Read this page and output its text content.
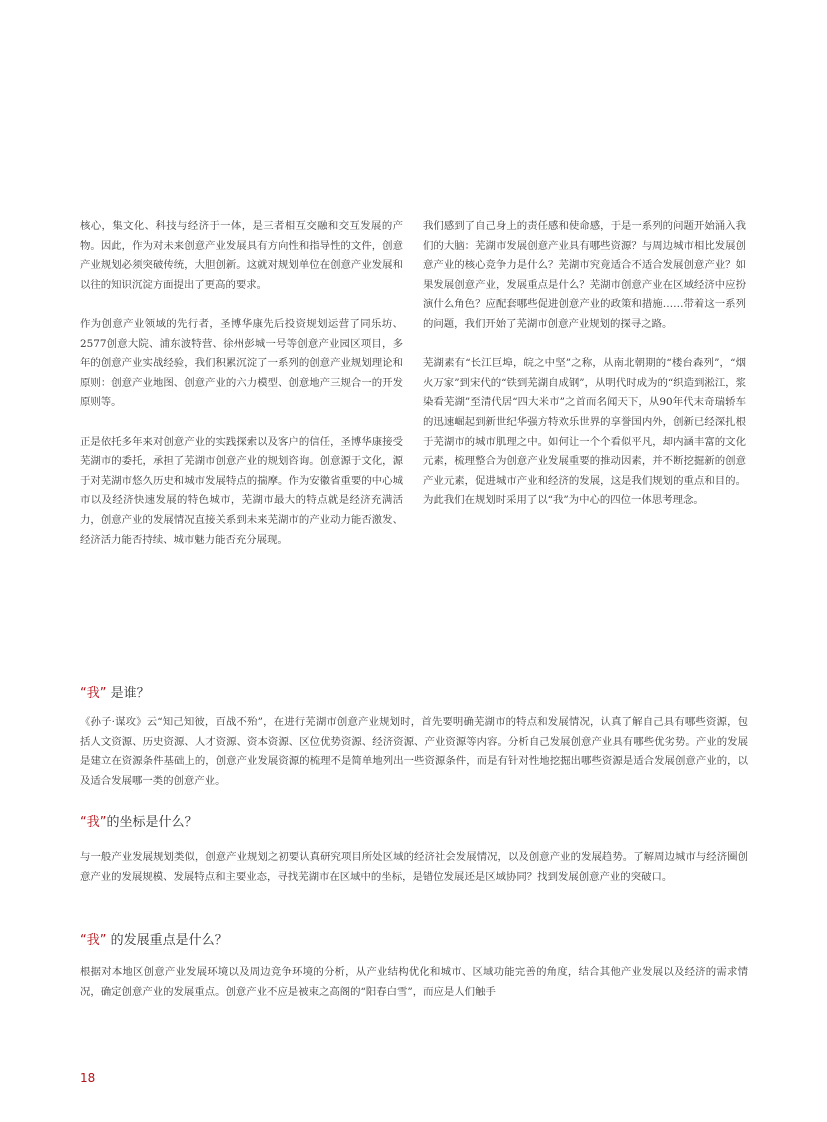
核心，集文化、科技与经济于一体，是三者相互交融和交互发展的产物。因此，作为对未来创意产业发展具有方向性和指导性的文件，创意产业规划必须突破传统，大胆创新。这就对规划单位在创意产业发展和以往的知识沉淀方面提出了更高的要求。

作为创意产业领域的先行者，圣博华康先后投资规划运营了同乐坊、2577创意大院、浦东波特营、徐州彭城一号等创意产业园区项目，多年的创意产业实战经验，我们积累沉淀了一系列的创意产业规划理论和原则：创意产业地图、创意产业的六力模型、创意地产三规合一的开发原则等。

正是依托多年来对创意产业的实践探索以及客户的信任，圣博华康接受芜湖市的委托，承担了芜湖市创意产业的规划咨询。创意源于文化，源于对芜湖市悠久历史和城市发展特点的揣摩。作为安徽省重要的中心城市以及经济快速发展的特色城市，芜湖市最大的特点就是经济充满活力，创意产业的发展情况直接关系到未来芜湖市的产业动力能否激发、经济活力能否持续、城市魅力能否充分展现。

我们感到了自己身上的责任感和使命感，于是一系列的问题开始涌入我们的大脑：芜湖市发展创意产业具有哪些资源？与周边城市相比发展创意产业的核心竞争力是什么？芜湖市究竟适合不适合发展创意产业？如果发展创意产业，发展重点是什么？芜湖市创意产业在区域经济中应扮演什么角色？应配套哪些促进创意产业的政策和措施……带着这一系列的问题，我们开始了芜湖市创意产业规划的探寻之路。

芜湖素有“长江巨埠，皖之中坚”之称，从南北朝期的“楼台森列”，“烟火万家”到宋代的“铁到芜湖自成钢”，从明代时成为的“织造到淞江，浆染看芜湖”至清代居“四大米市”之首而名闻天下，从90年代末奇瑞轿车的迅速崛起到新世纪华强方特欢乐世界的享誉国内外，创新已经深扎根于芜湖市的城市肌理之中。如何让一个个看似平凡，却内涵丰富的文化元素，梳理整合为创意产业发展重要的推动因素，并不断挖掘新的创意产业元素，促进城市产业和经济的发展，这是我们规划的重点和目的。为此我们在规划时采用了以“我”为中心的四位一体思考理念。

“我” 是谁？

《孙子·谋攻》云“知己知彼，百战不殆”，在进行芜湖市创意产业规划时，首先要明确芜湖市的特点和发展情况，认真了解自己具有哪些资源，包括人文资源、历史资源、人才资源、资本资源、区位优势资源、经济资源、产业资源等内容。分析自己发展创意产业具有哪些优劣势。产业的发展是建立在资源条件基础上的，创意产业发展资源的梳理不是简单地列出一些资源条件，而是有针对性地挖掘出哪些资源是适合发展创意产业的，以及适合发展哪一类的创意产业。

“我”的坐标是什么？

与一般产业发展规划类似，创意产业规划之初要认真研究项目所处区域的经济社会发展情况，以及创意产业的发展趋势。了解周边城市与经济圈创意产业的发展规模、发展特点和主要业态，寻找芜湖市在区域中的坐标，是错位发展还是区域协同？找到发展创意产业的突破口。

“我” 的发展重点是什么？

根据对本地区创意产业发展环境以及周边竞争环境的分析，从产业结构优化和城市、区域功能完善的角度，结合其他产业发展以及经济的需求情况，确定创意产业的发展重点。创意产业不应是被束之高阁的“阳春白雪”，而应是人们触手

18
